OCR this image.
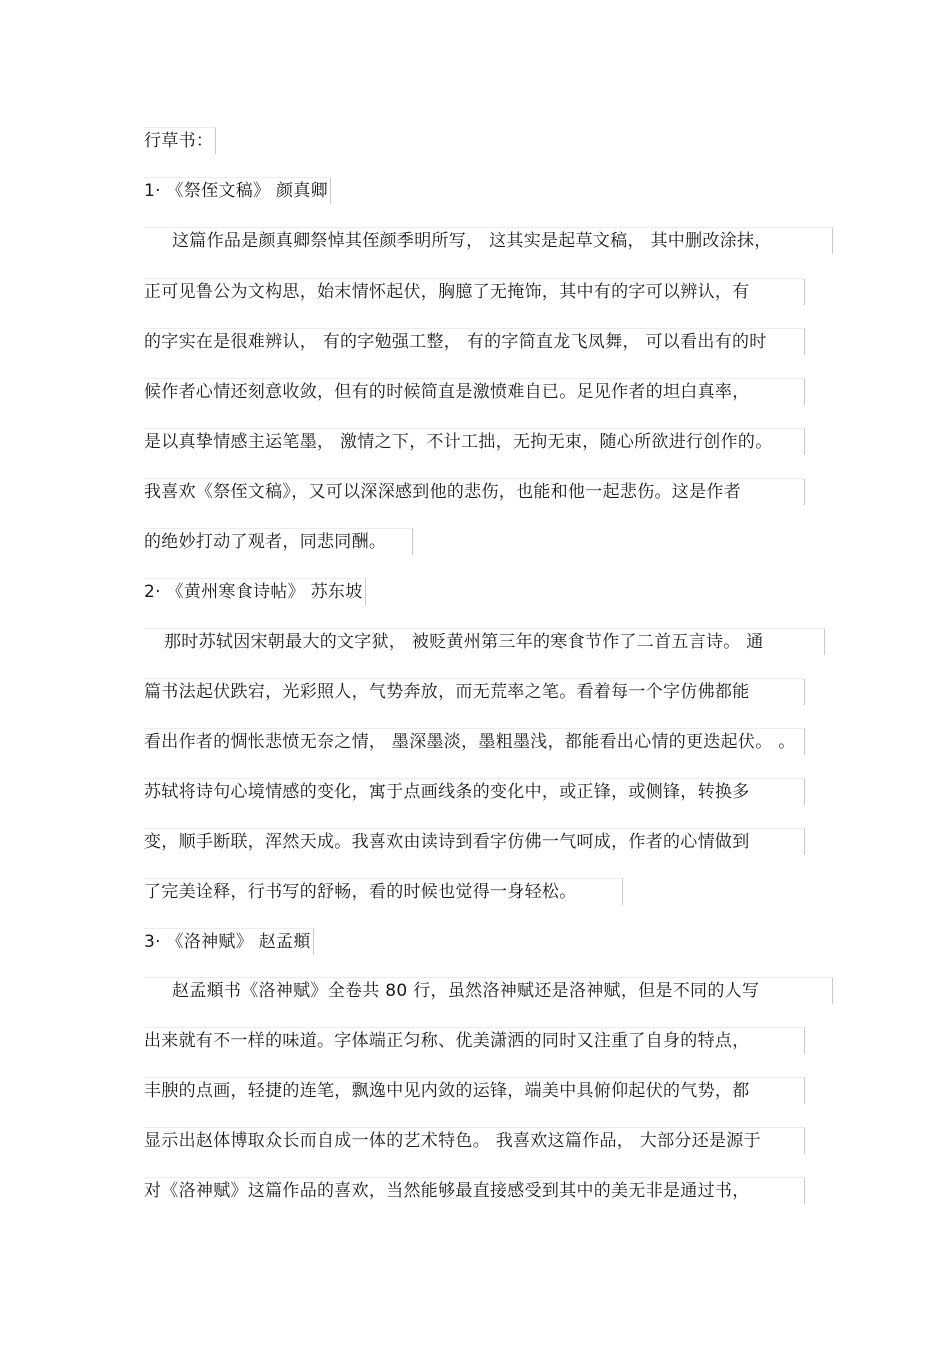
行草书：
1· 《祭侄文稿》 颜真卿
这篇作品是颜真卿祭悼其侄颜季明所写， 这其实是起草文稿， 其中删改涂抹，
正可见鲁公为文构思，始末情怀起伏，胸臆了无掩饰，其中有的字可以辨认，有
的字实在是很难辨认， 有的字勉强工整， 有的字简直龙飞凤舞， 可以看出有的时
候作者心情还刻意收敛，但有的时候简直是激愤难自已。足见作者的坦白真率，
是以真挚情感主运笔墨， 激情之下，不计工拙，无拘无束，随心所欲进行创作的。
我喜欢《祭侄文稿》，又可以深深感到他的悲伤，也能和他一起悲伤。这是作者
的绝妙打动了观者，同悲同酬。
2· 《黄州寒食诗帖》 苏东坡
那时苏轼因宋朝最大的文字狱， 被贬黄州第三年的寒食节作了二首五言诗。 通
篇书法起伏跌宕，光彩照人，气势奔放，而无荒率之笔。看着每一个字仿佛都能
看出作者的惆怅悲愤无奈之情， 墨深墨淡，墨粗墨浅，都能看出心情的更迭起伏。 。
苏轼将诗句心境情感的变化，寓于点画线条的变化中，或正锋，或侧锋，转换多
变，顺手断联，浑然天成。我喜欢由读诗到看字仿佛一气呵成，作者的心情做到
了完美诠释，行书写的舒畅，看的时候也觉得一身轻松。
3· 《洛神赋》 赵孟頫
赵孟頫书《洛神赋》全卷共 80 行，虽然洛神赋还是洛神赋，但是不同的人写
出来就有不一样的味道。字体端正匀称、优美潇洒的同时又注重了自身的特点，
丰腴的点画，轻捷的连笔，飘逸中见内敛的运锋，端美中具俯仰起伏的气势，都
显示出赵体博取众长而自成一体的艺术特色。 我喜欢这篇作品， 大部分还是源于
对《洛神赋》这篇作品的喜欢，当然能够最直接感受到其中的美无非是通过书，
